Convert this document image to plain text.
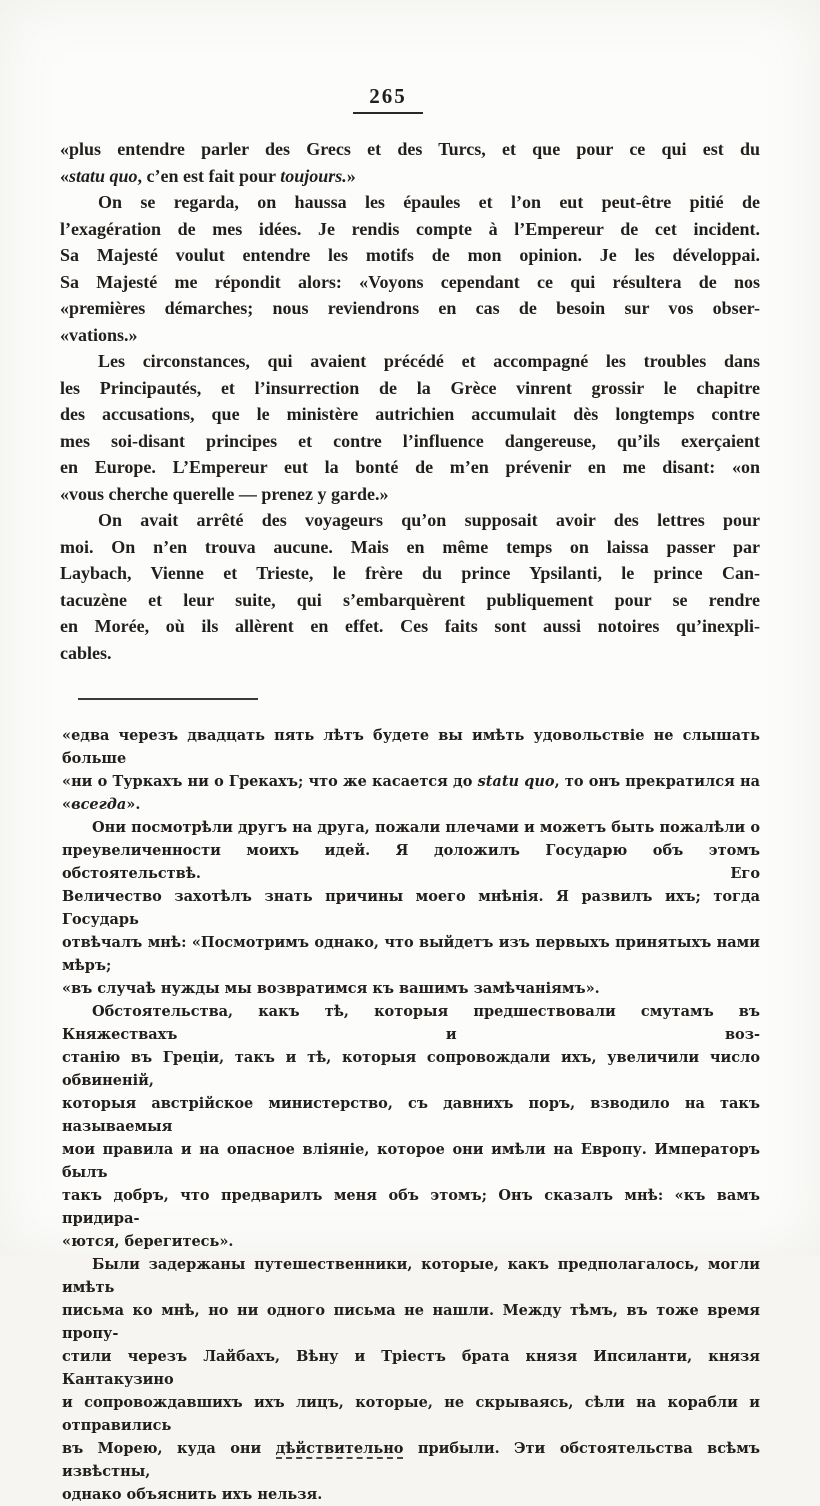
265
«plus entendre parler des Grecs et des Turcs, et que pour ce qui est du
«statu quo, c’en est fait pour toujours.»
On se regarda, on haussa les épaules et l’on eut peut-être pitié de
l’exagération de mes idées. Je rendis compte à l’Empereur de cet incident.
Sa Majesté voulut entendre les motifs de mon opinion. Je les développai.
Sa Majesté me répondit alors: «Voyons cependant ce qui résultera de nos
«premières démarches; nous reviendrons en cas de besoin sur vos obser-
«vations.»
Les circonstances, qui avaient précédé et accompagné les troubles dans
les Principautés, et l’insurrection de la Grèce vinrent grossir le chapitre
des accusations, que le ministère autrichien accumulait dès longtemps contre
mes soi-disant principes et contre l’influence dangereuse, qu’ils exerçaient
en Europe. L’Empereur eut la bonté de m’en prévenir en me disant: «on
«vous cherche querelle — prenez y garde.»
On avait arrêté des voyageurs qu’on supposait avoir des lettres pour
moi. On n’en trouva aucune. Mais en même temps on laissa passer par
Laybach, Vienne et Trieste, le frère du prince Ypsilanti, le prince Can-
tacuzène et leur suite, qui s’embarquèrent publiquement pour se rendre
en Morée, où ils allèrent en effet. Ces faits sont aussi notoires qu’inexpli-
cables.
«едва черезъ двадцать пять лѣтъ будете вы имѣть удовольствіе не слышать больше
«ни о Туркахъ ни о Грекахъ; что же касается до statu quo, то онъ прекратился на
«всегда».
Они посмотрѣли другъ на друга, пожали плечами и можетъ быть пожалѣли о
преувеличенности моихъ идей. Я доложилъ Государю объ этомъ обстоятельствѣ. Его
Величество захотѣлъ знать причины моего мнѣнія. Я развилъ ихъ; тогда Государь
отвѣчалъ мнѣ: «Посмотримъ однако, что выйдетъ изъ первыхъ принятыхъ нами мѣръ;
«въ случаѣ нужды мы возвратимся къ вашимъ замѣчаніямъ».
Обстоятельства, какъ тѣ, которыя предшествовали смутамъ въ Княжествахъ и воз-
станію въ Греціи, такъ и тѣ, которыя сопровождали ихъ, увеличили число обвиненій,
которыя австрійское министерство, съ давнихъ поръ, взводило на такъ называемыя
мои правила и на опасное вліяніе, которое они имѣли на Европу. Императоръ былъ
такъ добръ, что предварилъ меня объ этомъ; Онъ сказалъ мнѣ: «къ вамъ придира-
«ются, берегитесь».
Были задержаны путешественники, которые, какъ предполагалось, могли имѣть
письма ко мнѣ, но ни одного письма не нашли. Между тѣмъ, въ тоже время пропу-
стили черезъ Лайбахъ, Вѣну и Тріестъ брата князя Ипсиланти, князя Кантакузино
и сопровождавшихъ ихъ лицъ, которые, не скрываясь, сѣли на корабли и отправились
въ Морею, куда они дѣйствительно прибыли. Эти обстоятельства всѣмъ извѣстны,
однако объяснить ихъ нельзя.
